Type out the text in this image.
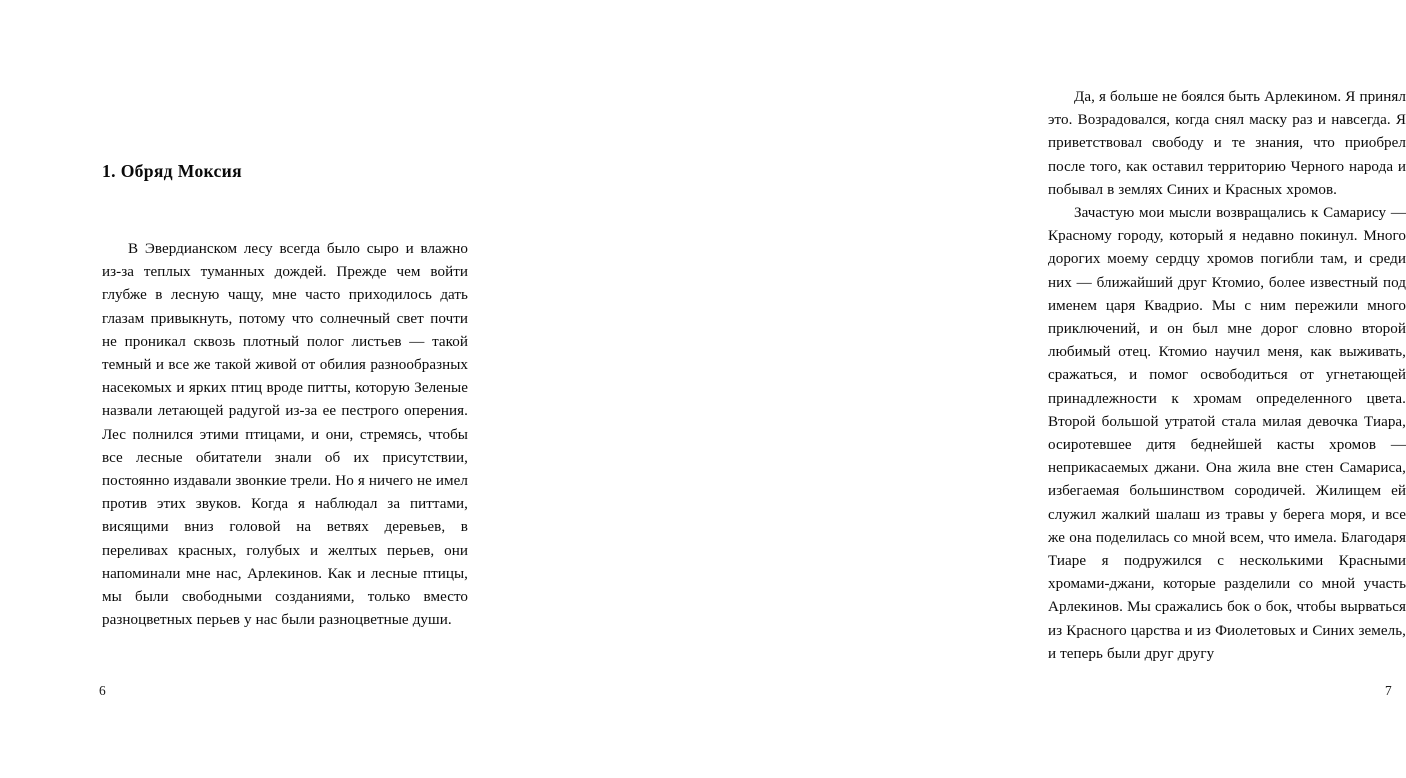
1. Обряд Моксия

В Эвердианском лесу всегда было сыро и влажно из-за теплых туманных дождей. Прежде чем войти глубже в лесную чащу, мне часто приходилось дать глазам привыкнуть, потому что солнечный свет почти не проникал сквозь плотный полог листьев — такой темный и все же такой живой от обилия разнообразных насекомых и ярких птиц вроде питты, которую Зеленые назвали летающей радугой из-за ее пестрого оперения. Лес полнился этими птицами, и они, стремясь, чтобы все лесные обитатели знали об их присутствии, постоянно издавали звонкие трели. Но я ничего не имел против этих звуков. Когда я наблюдал за питтами, висящими вниз головой на ветвях деревьев, в переливах красных, голубых и желтых перьев, они напоминали мне нас, Арлекинов. Как и лесные птицы, мы были свободными созданиями, только вместо разноцветных перьев у нас были разноцветные души.

6

Да, я больше не боялся быть Арлекином. Я принял это. Возрадовался, когда снял маску раз и навсегда. Я приветствовал свободу и те знания, что приобрел после того, как оставил территорию Черного народа и побывал в землях Синих и Красных хромов.

Зачастую мои мысли возвращались к Самарису — Красному городу, который я недавно покинул. Много дорогих моему сердцу хромов погибли там, и среди них — ближайший друг Ктомио, более известный под именем царя Квадрио. Мы с ним пережили много приключений, и он был мне дорог словно второй любимый отец. Ктомио научил меня, как выживать, сражаться, и помог освободиться от угнетающей принадлежности к хромам определенного цвета. Второй большой утратой стала милая девочка Тиара, осиротевшее дитя беднейшей касты хромов — неприкасаемых джани. Она жила вне стен Самариса, избегаемая большинством сородичей. Жилищем ей служил жалкий шалаш из травы у берега моря, и все же она поделилась со мной всем, что имела. Благодаря Тиаре я подружился с несколькими Красными хромами-джани, которые разделили со мной участь Арлекинов. Мы сражались бок о бок, чтобы вырваться из Красного царства и из Фиолетовых и Синих земель, и теперь были друг другу

7
